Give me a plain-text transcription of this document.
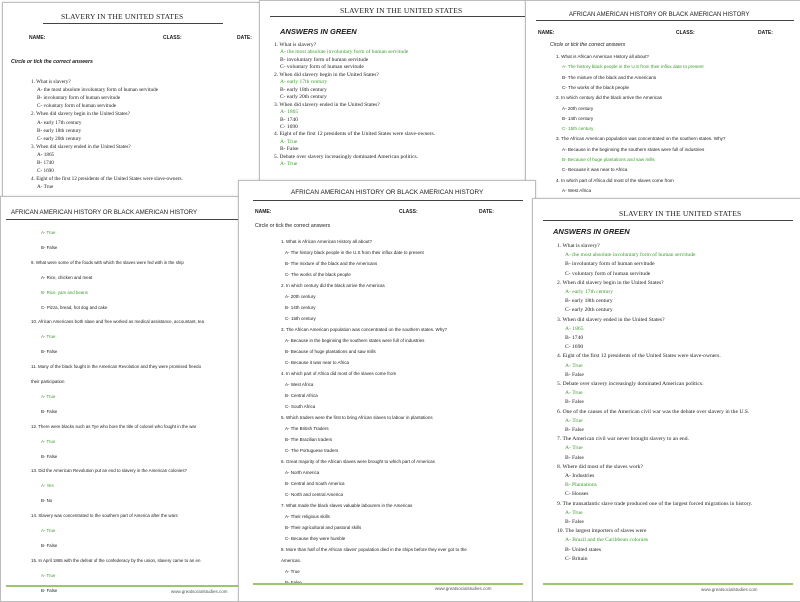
SLAVERY IN THE UNITED STATES
NAME:	CLASS:	DATE:
Circle or tick the correct answers
1. What is slavery?
A- the most absolute involuntary form of human servitude
B- involuntary form of human servitude
C- voluntary form of human servitude
2. When did slavery begin in the United States?
A- early 17th century
B- early 18th century
C- early 20th century
3. When did slavery ended in the United States?
A- 1865
B- 1740
C- 1690
4. Eight of the first 12 presidents of the United States were slave-owners.
A- True
SLAVERY IN THE UNITED STATES
ANSWERS IN GREEN
1. What is slavery?
A- the most absolute involuntary form of human servitude
B- involuntary form of human servitude
C- voluntary form of human servitude
2. When did slavery begin in the United States?
A- early 17th century
B- early 18th century
C- early 20th century
3. When did slavery ended in the United States?
A- 1865
B- 1740
C- 1690
4. Eight of the first 12 presidents of the United States were slave-owners.
A- True
B- False
5. Debate over slavery increasingly dominated American politics.
A- True
AFRICAN AMERICAN HISTORY OR BLACK AMERICAN HISTORY
NAME:	CLASS:	DATE:
Circle or tick the correct answers
1. What is African American History all about?
A- The history black people in the U.S from their influx date to present
B- The mixture of the black and the Americans
C- The works of the black people
2. In which century did the black arrive the Americas
A- 20th century
B- 14th century
C- 15th century
3. The African American population was concentrated on the southern states. Why?
A- Because in the beginning the southern states were full of industries
B- Because of huge plantations and saw mills
C- Because it was near to Africa
4. In which part of Africa did most of the slaves come from
A- West Africa
AFRICAN AMERICAN HISTORY OR BLACK AMERICAN HISTORY
A- True
B- False
9. What were some of the foods with which the slaves were fed with in the ship
A- Rice, chicken and meat
B- Rice, yam and beans
C- Pizza, bread, hot dog and cake
10. African Americans both slave and free worked as medical assistance, accountant, tea
A- True
B- False
11. Many of the black fought in the American Revolution and they were promised freedo
their participation
A- True
B- False
12. There were blacks such as Tye who bore the title of colonel who fought in the war
A- True
B- False
13. Did the American Revolution put an end to slavery in the American colonies?
A- Yes
B- No
14. Slavery was concentrated to the southern part of America after the wars
A- True
B- False
15. In April 1865 with the defeat of the confederacy by the union, slavery came to an en
A- True
B- False	www.greatsocialstudies.com
AFRICAN AMERICAN HISTORY OR BLACK AMERICAN HISTORY
NAME:	CLASS:	DATE:
Circle or tick the correct answers
1. What is African American History all about?
A- The history black people in the U.S from their influx date to present
B- The mixture of the black and the Americans
C- The works of the black people
2. In which century did the black arrive the Americas
A- 20th century
B- 14th century
C- 15th century
3. The African American population was concentrated on the southern states. Why?
A- Because in the beginning the southern states were full of industries
B- Because of huge plantations and saw mills
C- Because it was near to Africa
4. In which part of Africa did most of the slaves come from
A- West Africa
B- Central Africa
C- South Africa
5. Which traders were the first to bring African slaves to labour in plantations
A- The British Traders
B- The Brazilian traders
C- The Portuguese traders
6. Great majority of the African slaves were brought to which part of Americas
A- North America
B- Central and South America
C- North and central America
7. What made the black slaves valuable labourers in the Americas
A- Their religious skills
B- Their agricultural and pastoral skills
C- Because they were humble
8. More than half of the African slaves' population died in the ships before they ever got to the
Americas.
A- True
www.greatsocialstudies.com
SLAVERY IN THE UNITED STATES
ANSWERS IN GREEN
1. What is slavery?
A- the most absolute involuntary form of human servitude
B- involuntary form of human servitude
C- voluntary form of human servitude
2. When did slavery begin in the United States?
A- early 17th century
B- early 18th century
C- early 20th century
3. When did slavery ended in the United States?
A- 1865
B- 1740
C- 1690
4. Eight of the first 12 presidents of the United States were slave-owners.
A- True
B- False
5. Debate over slavery increasingly dominated American politics.
A- True
B- False
6. One of the causes of the American civil war was the debate over slavery in the U.S.
A- True
B- False
7. The American civil war never brought slavery to an end.
A- True
B- False
8. Where did most of the slaves work?
A- Industries
B- Plantations
C- Houses
9. The transatlantic slave trade produced one of the largest forced migrations in history.
A- True
B- False
10. The largest importers of slaves were
A- Brazil and the Caribbean colonies
B- United states
C- Britain
www.greatsocialstudies.com
